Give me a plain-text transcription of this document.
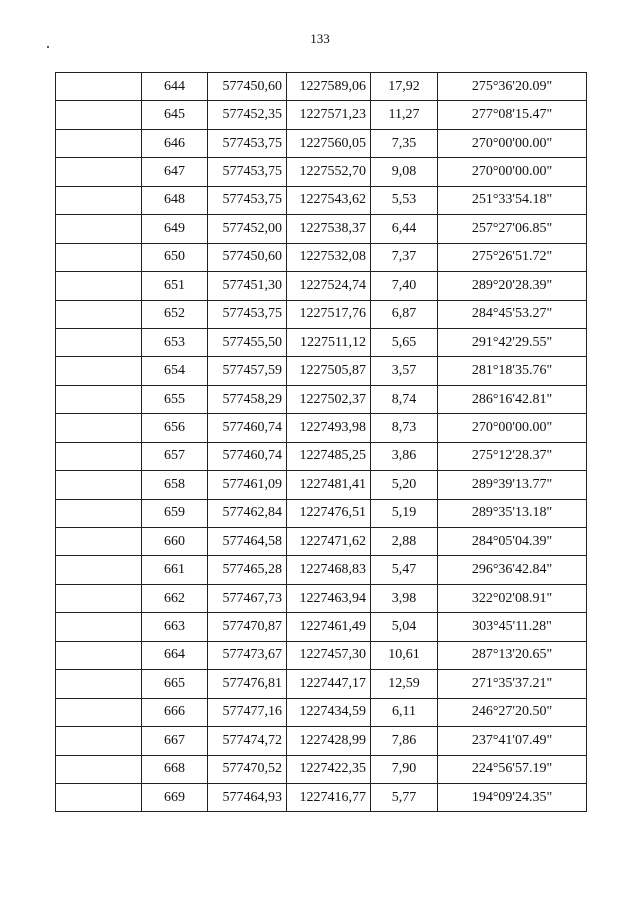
133
	644	577450,60	1227589,06	17,92	275°36'20.09"
	645	577452,35	1227571,23	11,27	277°08'15.47"
	646	577453,75	1227560,05	7,35	270°00'00.00"
	647	577453,75	1227552,70	9,08	270°00'00.00"
	648	577453,75	1227543,62	5,53	251°33'54.18"
	649	577452,00	1227538,37	6,44	257°27'06.85"
	650	577450,60	1227532,08	7,37	275°26'51.72"
	651	577451,30	1227524,74	7,40	289°20'28.39"
	652	577453,75	1227517,76	6,87	284°45'53.27"
	653	577455,50	1227511,12	5,65	291°42'29.55"
	654	577457,59	1227505,87	3,57	281°18'35.76"
	655	577458,29	1227502,37	8,74	286°16'42.81"
	656	577460,74	1227493,98	8,73	270°00'00.00"
	657	577460,74	1227485,25	3,86	275°12'28.37"
	658	577461,09	1227481,41	5,20	289°39'13.77"
	659	577462,84	1227476,51	5,19	289°35'13.18"
	660	577464,58	1227471,62	2,88	284°05'04.39"
	661	577465,28	1227468,83	5,47	296°36'42.84"
	662	577467,73	1227463,94	3,98	322°02'08.91"
	663	577470,87	1227461,49	5,04	303°45'11.28"
	664	577473,67	1227457,30	10,61	287°13'20.65"
	665	577476,81	1227447,17	12,59	271°35'37.21"
	666	577477,16	1227434,59	6,11	246°27'20.50"
	667	577474,72	1227428,99	7,86	237°41'07.49"
	668	577470,52	1227422,35	7,90	224°56'57.19"
	669	577464,93	1227416,77	5,77	194°09'24.35"
